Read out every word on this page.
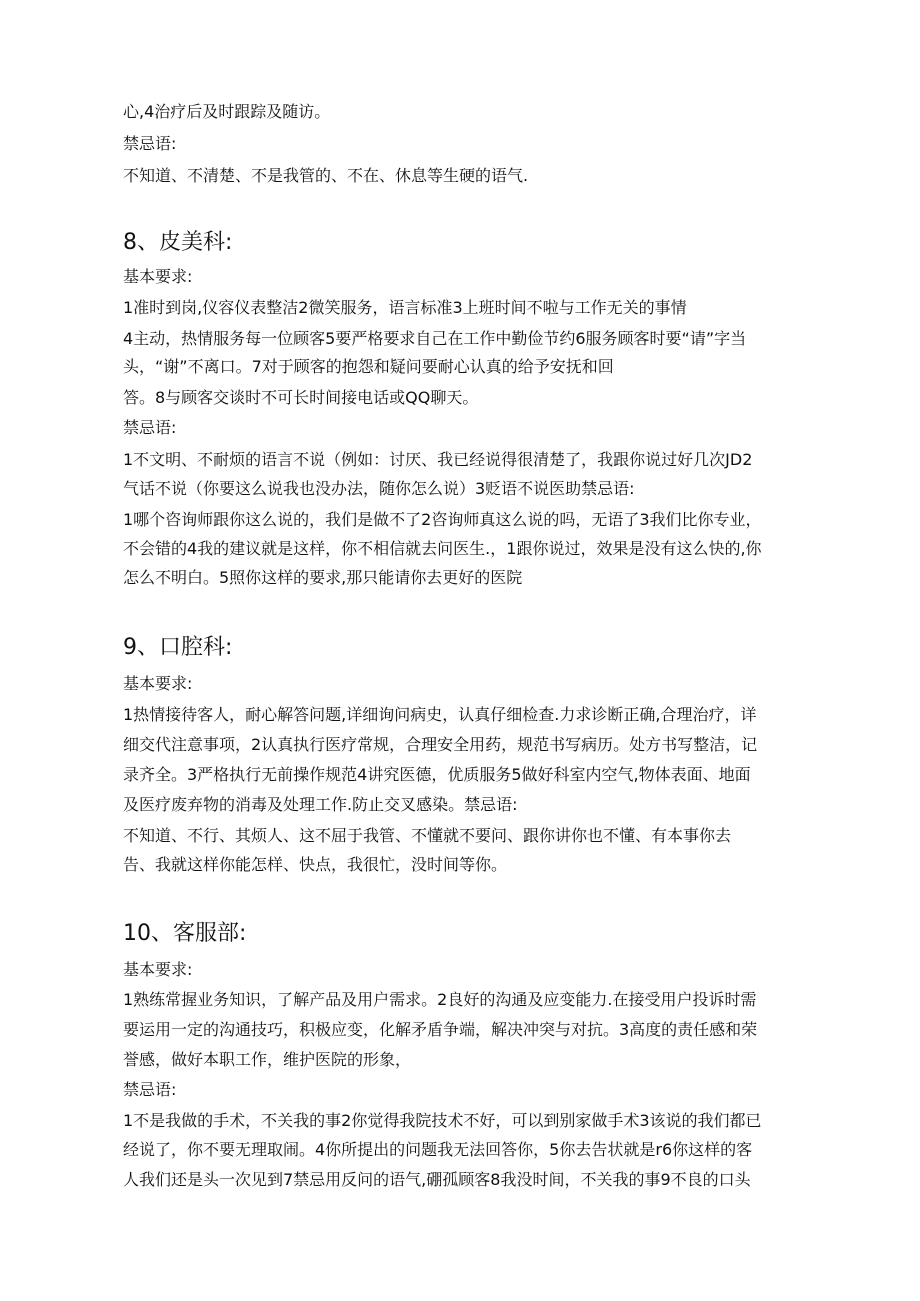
心,4治疗后及时跟踪及随访。
禁忌语:
不知道、不清楚、不是我管的、不在、休息等生硬的语气.
8、皮美科:
基本要求:
1准时到岗,仪容仪表整洁2微笑服务，语言标准3上班时间不啦与工作无关的事情
4主动，热情服务每一位顾客5要严格要求自己在工作中勤俭节约6服务顾客时要“请”字当
头，“谢”不离口。7对于顾客的抱怨和疑问要耐心认真的给予安抚和回
答。8与顾客交谈时不可长时间接电话或QQ聊天。
禁忌语:
1不文明、不耐烦的语言不说（例如：讨厌、我已经说得很清楚了，我跟你说过好几次JD2
气话不说（你要这么说我也没办法，随你怎么说）3贬语不说医助禁忌语:
1哪个咨询师跟你这么说的，我们是做不了2咨询师真这么说的吗，无语了3我们比你专业，
不会错的4我的建议就是这样，你不相信就去问医生.，1跟你说过，效果是没有这么快的,你
怎么不明白。5照你这样的要求,那只能请你去更好的医院
9、口腔科:
基本要求:
1热情接待客人，耐心解答问题,详细询问病史，认真仔细检查.力求诊断正确,合理治疗，详
细交代注意事项，2认真执行医疗常规，合理安全用药，规范书写病历。处方书写整洁，记
录齐全。3严格执行无前操作规范4讲究医德，优质服务5做好科室内空气,物体表面、地面
及医疗废弃物的消毒及处理工作.防止交叉感染。禁忌语:
不知道、不行、其烦人、这不屈于我管、不懂就不要问、跟你讲你也不懂、有本事你去
告、我就这样你能怎样、快点，我很忙，没时间等你。
10、客服部:
基本要求:
1熟练常握业务知识，了解产品及用户需求。2良好的沟通及应变能力.在接受用户投诉时需
要运用一定的沟通技巧，积极应变，化解矛盾争端，解决冲突与对抗。3高度的责任感和荣
誉感，做好本职工作，维护医院的形象，
禁忌语:
1不是我做的手术，不关我的事2你觉得我院技术不好，可以到别家做手术3该说的我们都已
经说了，你不要无理取闹。4你所提出的问题我无法回答你，5你去告状就是r6你这样的客
人我们还是头一次见到7禁忌用反问的语气,硼孤顾客8我没时间，不关我的事9不良的口头
